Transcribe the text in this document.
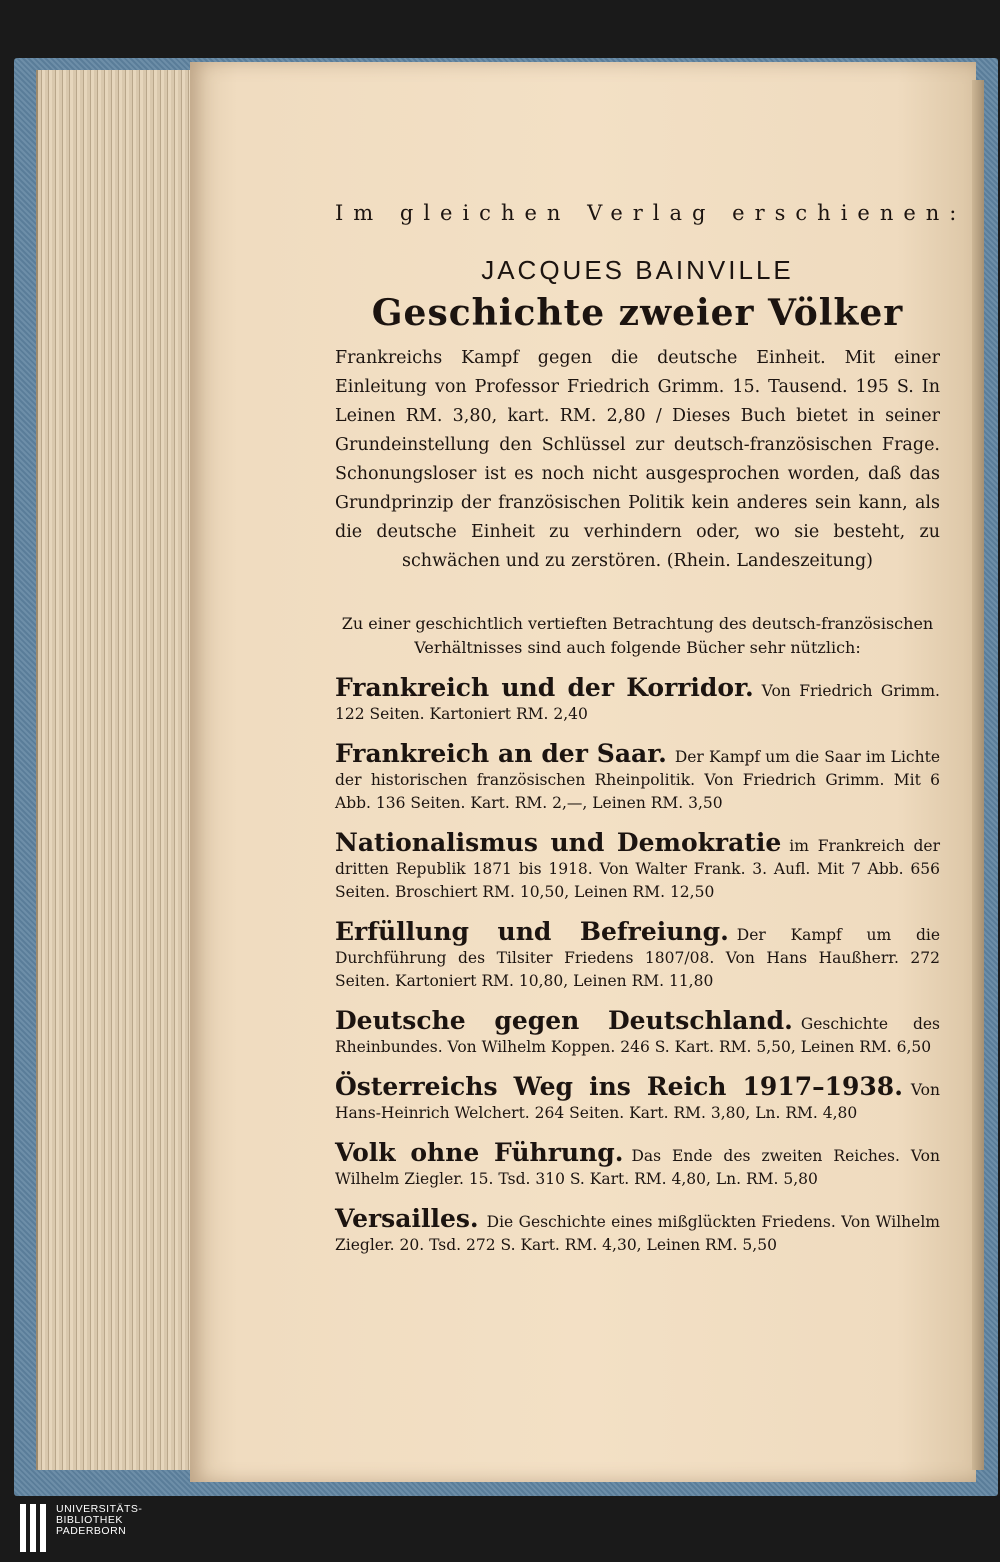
Im gleichen Verlag erschienen:
JACQUES BAINVILLE
Geschichte zweier Völker
Frankreichs Kampf gegen die deutsche Einheit. Mit einer Einleitung von Professor Friedrich Grimm. 15. Tausend. 195 S. In Leinen RM. 3,80, kart. RM. 2,80 / Dieses Buch bietet in seiner Grundeinstellung den Schlüssel zur deutsch-französischen Frage. Schonungsloser ist es noch nicht ausgesprochen worden, daß das Grundprinzip der französischen Politik kein anderes sein kann, als die deutsche Einheit zu verhindern oder, wo sie besteht, zu schwächen und zu zerstören. (Rhein. Landeszeitung)
Zu einer geschichtlich vertieften Betrachtung des deutsch-französischen Verhältnisses sind auch folgende Bücher sehr nützlich:
Frankreich und der Korridor. Von Friedrich Grimm. 122 Seiten. Kartoniert RM. 2,40
Frankreich an der Saar. Der Kampf um die Saar im Lichte der historischen französischen Rheinpolitik. Von Friedrich Grimm. Mit 6 Abb. 136 Seiten. Kart. RM. 2,—, Leinen RM. 3,50
Nationalismus und Demokratie im Frankreich der dritten Republik 1871 bis 1918. Von Walter Frank. 3. Aufl. Mit 7 Abb. 656 Seiten. Broschiert RM. 10,50, Leinen RM. 12,50
Erfüllung und Befreiung. Der Kampf um die Durchführung des Tilsiter Friedens 1807/08. Von Hans Haußherr. 272 Seiten. Kartoniert RM. 10,80, Leinen RM. 11,80
Deutsche gegen Deutschland. Geschichte des Rheinbundes. Von Wilhelm Koppen. 246 S. Kart. RM. 5,50, Leinen RM. 6,50
Österreichs Weg ins Reich 1917–1938. Von Hans-Heinrich Welchert. 264 Seiten. Kart. RM. 3,80, Ln. RM. 4,80
Volk ohne Führung. Das Ende des zweiten Reiches. Von Wilhelm Ziegler. 15. Tsd. 310 S. Kart. RM. 4,80, Ln. RM. 5,80
Versailles. Die Geschichte eines mißglückten Friedens. Von Wilhelm Ziegler. 20. Tsd. 272 S. Kart. RM. 4,30, Leinen RM. 5,50
UNIVERSITÄTS-
BIBLIOTHEK
PADERBORN
